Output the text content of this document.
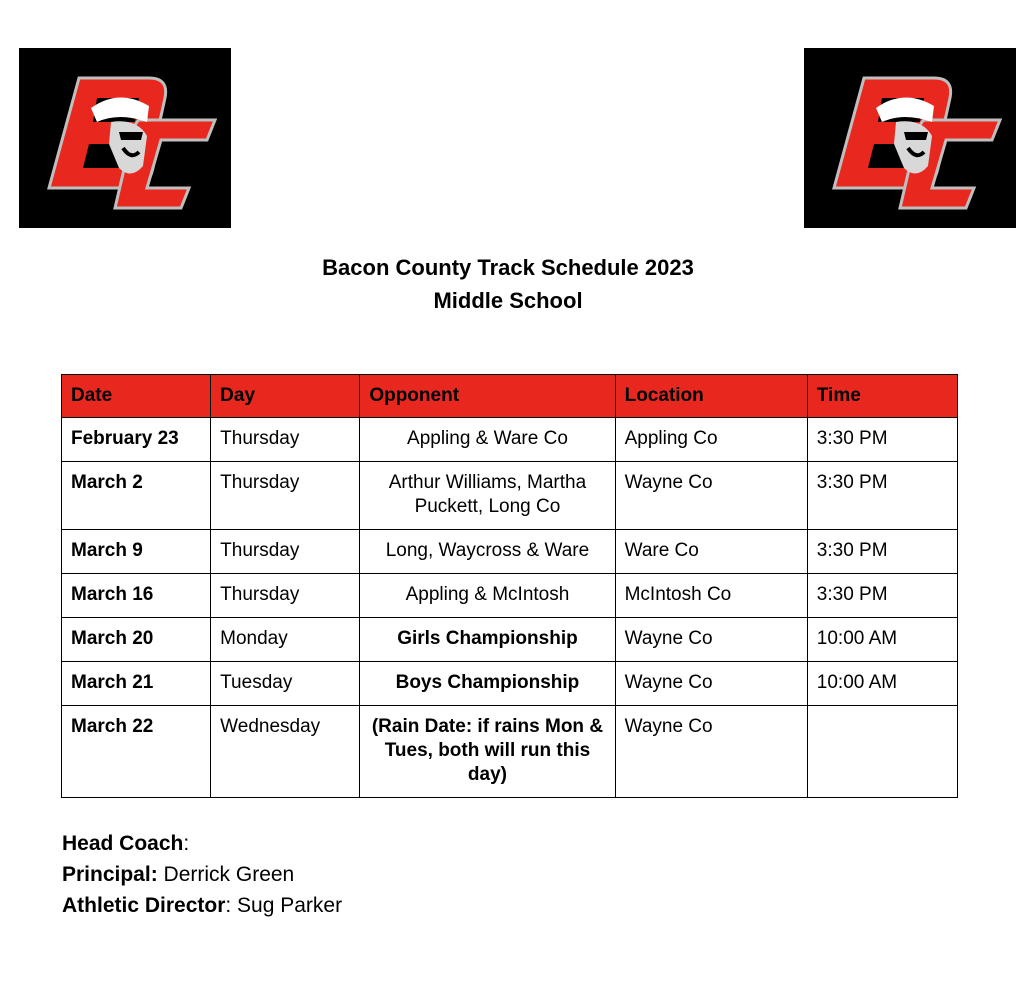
Bacon County Track Schedule 2023
Middle School
Date	Day	Opponent	Location	Time
February 23	Thursday	Appling & Ware Co	Appling Co	3:30 PM
March 2	Thursday	Arthur Williams, Martha Puckett, Long Co	Wayne Co	3:30 PM
March 9	Thursday	Long, Waycross & Ware	Ware Co	3:30 PM
March 16	Thursday	Appling & McIntosh	McIntosh Co	3:30 PM
March 20	Monday	Girls Championship	Wayne Co	10:00 AM
March 21	Tuesday	Boys Championship	Wayne Co	10:00 AM
March 22	Wednesday	(Rain Date: if rains Mon & Tues, both will run this day)	Wayne Co	
Head Coach:
Principal: Derrick Green
Athletic Director: Sug Parker
